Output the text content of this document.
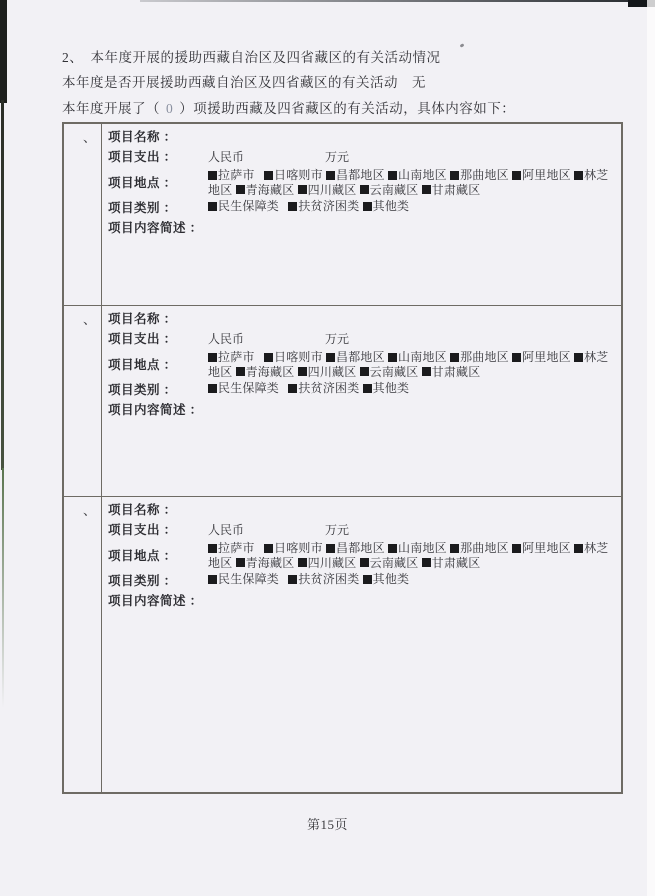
2、　本年度开展的援助西藏自治区及四省藏区的有关活动情况
本年度是否开展援助西藏自治区及四省藏区的有关活动 无
本年度开展了（ 0 ）项援助西藏及四省藏区的有关活动，具体内容如下：
、 项目名称 ：
项目支出 ：	人民币	万元
项目地点 ：
拉萨市  日喀则市 昌都地区 山南地区 那曲地区 阿里地区 林芝地区 青海藏区 四川藏区 云南藏区 甘肃藏区
项目类别 ：	民生保障类  扶贫济困类 其他类
项目内容简述 ：
、 项目名称 ：
项目支出 ：	人民币	万元
项目地点 ：
拉萨市  日喀则市 昌都地区 山南地区 那曲地区 阿里地区 林芝地区 青海藏区 四川藏区 云南藏区 甘肃藏区
项目类别 ：	民生保障类  扶贫济困类 其他类
项目内容简述 ：
、 项目名称 ：
项目支出 ：	人民币	万元
项目地点 ：
拉萨市  日喀则市 昌都地区 山南地区 那曲地区 阿里地区 林芝地区 青海藏区 四川藏区 云南藏区 甘肃藏区
项目类别 ：	民生保障类  扶贫济困类 其他类
项目内容简述 ：
第15页
